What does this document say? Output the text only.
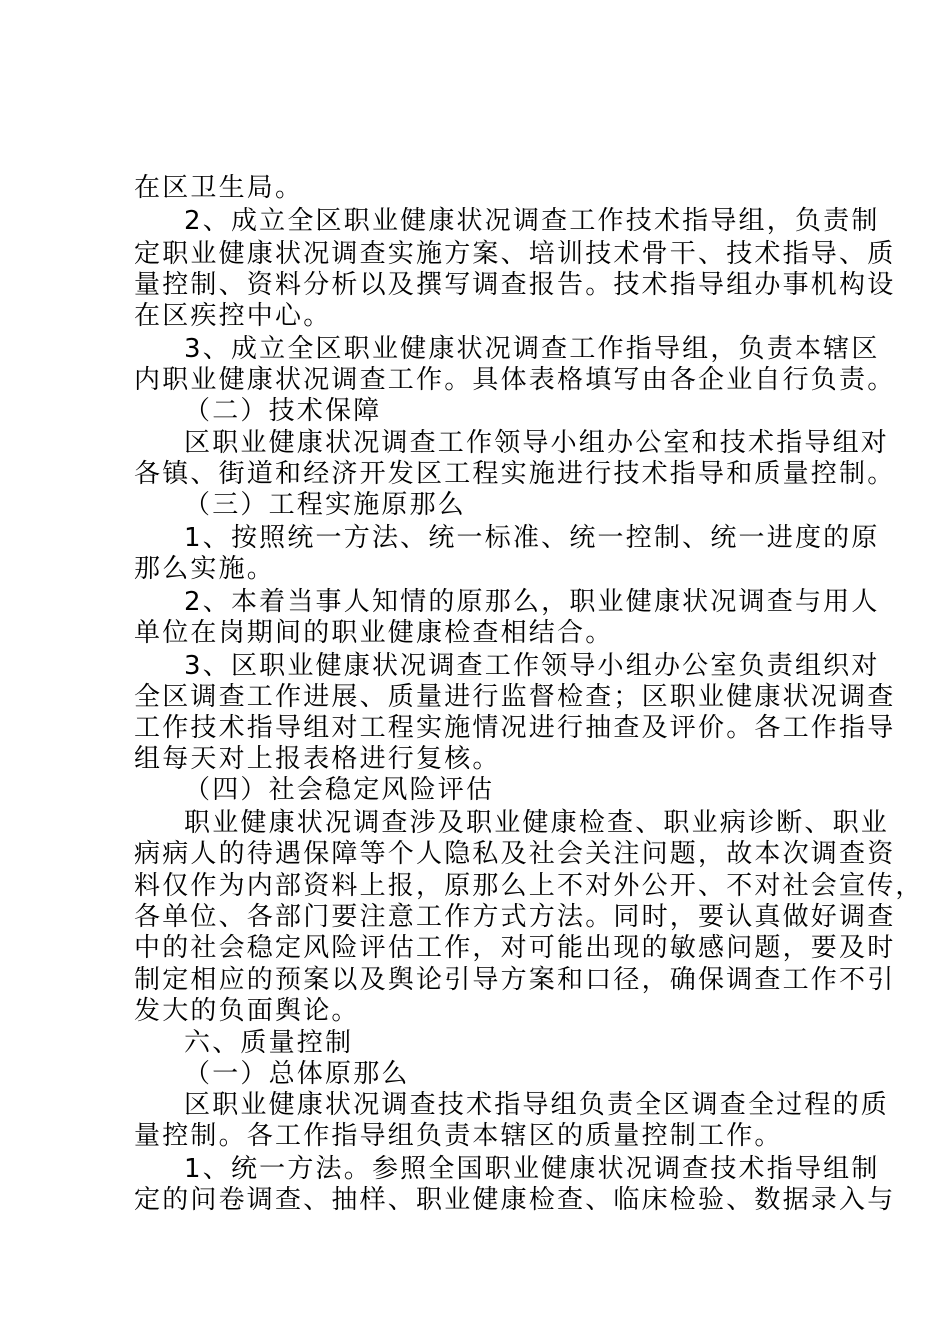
在区卫生局。
2、成立全区职业健康状况调查工作技术指导组，负责制
定职业健康状况调查实施方案、培训技术骨干、技术指导、质
量控制、资料分析以及撰写调查报告。技术指导组办事机构设
在区疾控中心。
3、成立全区职业健康状况调查工作指导组，负责本辖区
内职业健康状况调查工作。具体表格填写由各企业自行负责。
（二）技术保障
区职业健康状况调查工作领导小组办公室和技术指导组对
各镇、街道和经济开发区工程实施进行技术指导和质量控制。
（三）工程实施原那么
1、按照统一方法、统一标准、统一控制、统一进度的原
那么实施。
2、本着当事人知情的原那么，职业健康状况调查与用人
单位在岗期间的职业健康检查相结合。
3、区职业健康状况调查工作领导小组办公室负责组织对
全区调查工作进展、质量进行监督检查；区职业健康状况调查
工作技术指导组对工程实施情况进行抽查及评价。各工作指导
组每天对上报表格进行复核。
（四）社会稳定风险评估
职业健康状况调查涉及职业健康检查、职业病诊断、职业
病病人的待遇保障等个人隐私及社会关注问题，故本次调查资
料仅作为内部资料上报，原那么上不对外公开、不对社会宣传，
各单位、各部门要注意工作方式方法。同时，要认真做好调查
中的社会稳定风险评估工作，对可能出现的敏感问题，要及时
制定相应的预案以及舆论引导方案和口径，确保调查工作不引
发大的负面舆论。
六、质量控制
（一）总体原那么
区职业健康状况调查技术指导组负责全区调查全过程的质
量控制。各工作指导组负责本辖区的质量控制工作。
1、统一方法。参照全国职业健康状况调查技术指导组制
定的问卷调查、抽样、职业健康检查、临床检验、数据录入与
